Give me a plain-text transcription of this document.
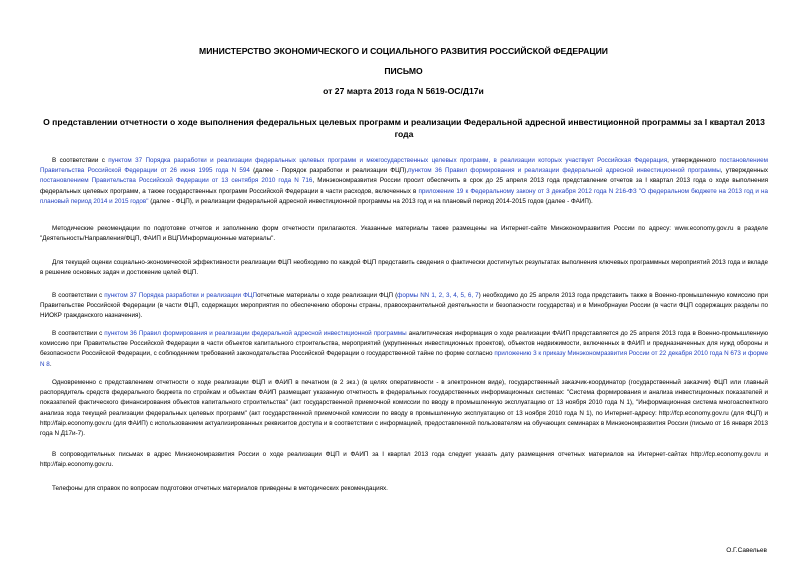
МИНИСТЕРСТВО ЭКОНОМИЧЕСКОГО И СОЦИАЛЬНОГО РАЗВИТИЯ РОССИЙСКОЙ ФЕДЕРАЦИИ
ПИСЬМО
от 27 марта 2013 года N 5619-ОС/Д17и
О представлении отчетности о ходе выполнения федеральных целевых программ и реализации Федеральной адресной инвестиционной программы за I квартал 2013 года
В соответствии с пунктом 37 Порядка разработки и реализации федеральных целевых программ и межгосударственных целевых программ, в реализации которых участвует Российская Федерация, утвержденного постановлением Правительства Российской Федерации от 26 июня 1995 года N 594 (далее - Порядок разработки и реализации ФЦП),пунктом 36 Правил формирования и реализации федеральной адресной инвестиционной программы, утвержденных постановлением Правительства Российской Федерации от 13 сентября 2010 года N 716, Минэкономразвития России просит обеспечить в срок до 25 апреля 2013 года представление отчетов за I квартал 2013 года о ходе выполнения федеральных целевых программ, а также государственных программ Российской Федерации в части расходов, включенных в приложение 19 к Федеральному закону от 3 декабря 2012 года N 216-ФЗ "О федеральном бюджете на 2013 год и на плановый период 2014 и 2015 годов" (далее - ФЦП), и реализации федеральной адресной инвестиционной программы на 2013 год и на плановый период 2014-2015 годов (далее - ФАИП).
Методические рекомендации по подготовке отчетов и заполнению форм отчетности прилагаются. Указанные материалы также размещены на Интернет-сайте Минэкономразвития России по адресу: www.economy.gov.ru в разделе "Деятельность/Направления/ФЦП, ФАИП и ВЦП/Информационные материалы".
Для текущей оценки социально-экономической эффективности реализации ФЦП необходимо по каждой ФЦП представить сведения о фактически достигнутых результатах выполнения ключевых программных мероприятий 2013 года и вкладе в решение основных задач и достижение целей ФЦП.
В соответствии с пунктом 37 Порядка разработки и реализации ФЦПотчетные материалы о ходе реализации ФЦП (формы NN 1, 2, 3, 4, 5, 6, 7) необходимо до 25 апреля 2013 года представить также в Военно-промышленную комиссию при Правительстве Российской Федерации (в части ФЦП, содержащих мероприятия по обеспечению обороны страны, правоохранительной деятельности и безопасности государства) и в Минобрнауки России (в части ФЦП содержащих разделы по НИОКР гражданского назначения).
В соответствии с пунктом 36 Правил формирования и реализации федеральной адресной инвестиционной программы аналитическая информация о ходе реализации ФАИП представляется до 25 апреля 2013 года в Военно-промышленную комиссию при Правительстве Российской Федерации в части объектов капитального строительства, мероприятий (укрупненных инвестиционных проектов), объектов недвижимости, включенных в ФАИП и предназначенных для нужд обороны и безопасности Российской Федерации, с соблюдением требований законодательства Российской Федерации о государственной тайне по форме согласно приложению 3 к приказу Минэкономразвития России от 22 декабря 2010 года N 673 и форме N 8.
Одновременно с представлением отчетности о ходе реализации ФЦП и ФАИП в печатном (в 2 экз.) (в целях оперативности - в электронном виде), государственный заказчик-координатор (государственный заказчик) ФЦП или главный распорядитель средств федерального бюджета по стройкам и объектам ФАИП размещает указанную отчетность в федеральных государственных информационных системах: "Система формирования и анализа инвестиционных показателей и показателей фактического финансирования объектов капитального строительства" (акт государственной приемочной комиссии по вводу в промышленную эксплуатацию от 13 ноября 2010 года N 1), "Информационная система многоаспектного анализа хода текущей реализации федеральных целевых программ" (акт государственной приемочной комиссии по вводу в промышленную эксплуатацию от 13 ноября 2010 года N 1), по Интернет-адресу: http://fcp.economy.gov.ru (для ФЦП) и http://faip.economy.gov.ru (для ФАИП) с использованием актуализированных реквизитов доступа и в соответствии с информацией, предоставленной пользователям на обучающих семинарах в Минэкономразвития России (письмо от 16 января 2013 года N Д17и-7).
В сопроводительных письмах в адрес Минэкономразвития России о ходе реализации ФЦП и ФАИП за I квартал 2013 года следует указать дату размещения отчетных материалов на Интернет-сайтах http://fcp.economy.gov.ru и http://faip.economy.gov.ru.
Телефоны для справок по вопросам подготовки отчетных материалов приведены в методических рекомендациях.
О.Г.Савельев
